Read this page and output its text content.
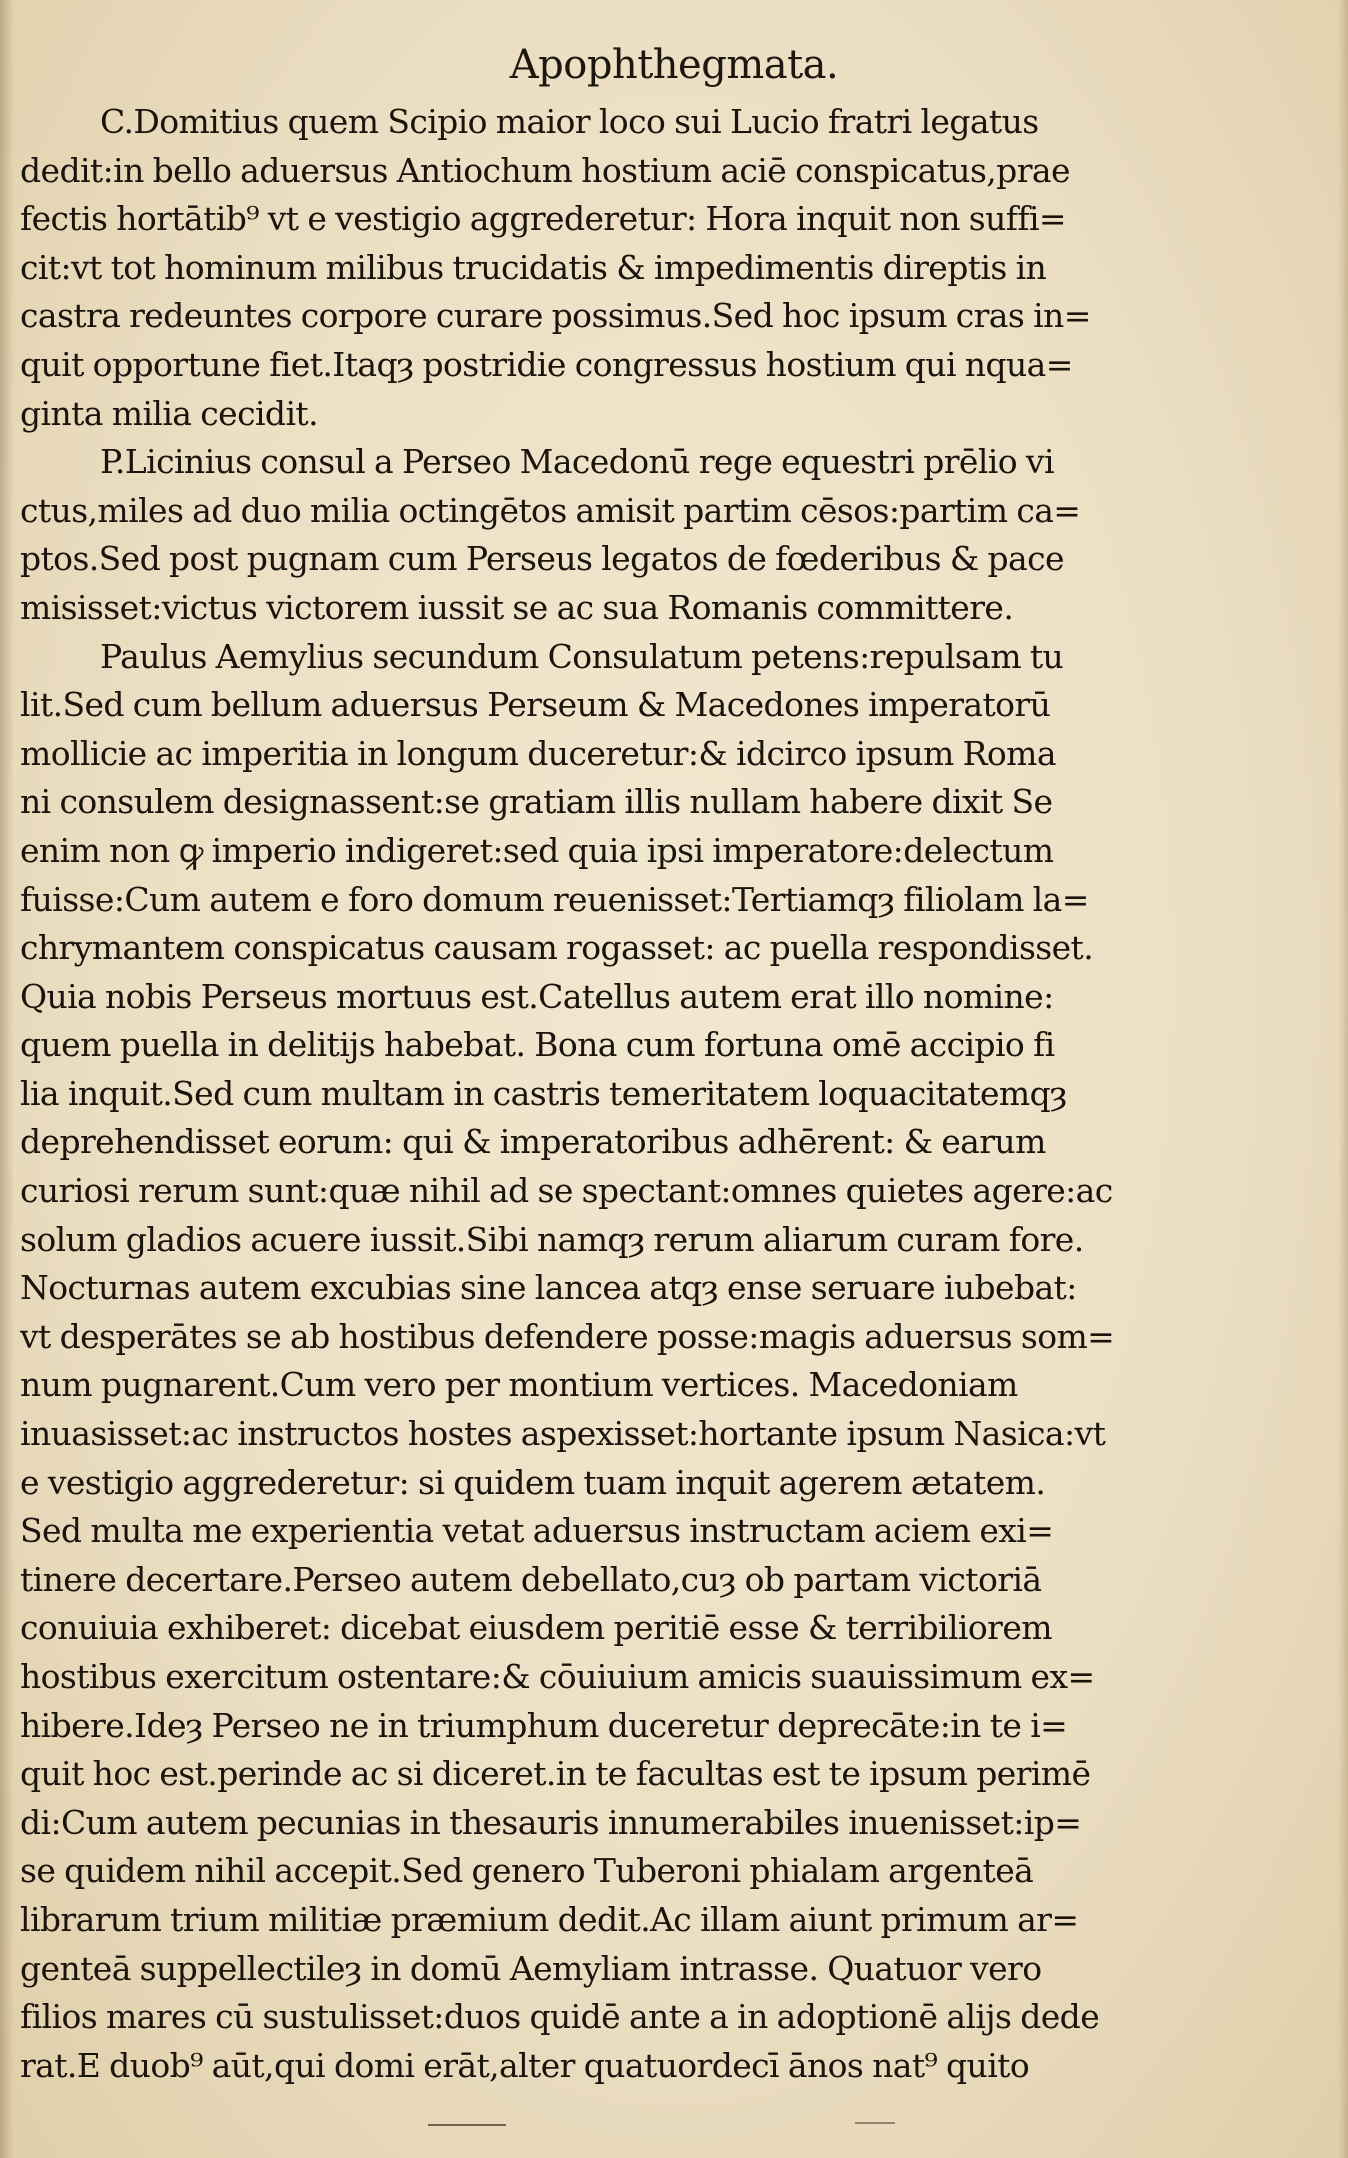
Apophthegmata.
C.Domitius quem Scipio maior loco sui Lucio fratri legatus
dedit:in bello aduersus Antiochum hostium aciē conspicatus,prae
fectis hortātib⁹ vt e vestigio aggrederetur: Hora inquit non suffi=
cit:vt tot hominum milibus trucidatis & impedimentis direptis in
castra redeuntes corpore curare possimus.Sed hoc ipsum cras in=
quit opportune fiet.Itaqȝ postridie congressus hostium qui nqua=
ginta milia cecidit.
P.Licinius consul a Perseo Macedonū rege equestri prēlio vi
ctus,miles ad duo milia octingētos amisit partim cēsos:partim ca=
ptos.Sed post pugnam cum Perseus legatos de fœderibus & pace
misisset:victus victorem iussit se ac sua Romanis committere.
Paulus Aemylius secundum Consulatum petens:repulsam tu
lit.Sed cum bellum aduersus Perseum & Macedones imperatorū
mollicie ac imperitia in longum duceretur:& idcirco ipsum Roma
ni consulem designassent:se gratiam illis nullam habere dixit Se
enim non ꝙ imperio indigeret:sed quia ipsi imperatore:delectum
fuisse:Cum autem e foro domum reuenisset:Tertiamqȝ filiolam la=
chrymantem conspicatus causam rogasset: ac puella respondisset.
Quia nobis Perseus mortuus est.Catellus autem erat illo nomine:
quem puella in delitijs habebat. Bona cum fortuna omē accipio fi
lia inquit.Sed cum multam in castris temeritatem loquacitatemqȝ
deprehendisset eorum: qui & imperatoribus adhērent: & earum
curiosi rerum sunt:quæ nihil ad se spectant:omnes quietes agere:ac
solum gladios acuere iussit.Sibi namqȝ rerum aliarum curam fore.
Nocturnas autem excubias sine lancea atqȝ ense seruare iubebat:
vt desperātes se ab hostibus defendere posse:magis aduersus som=
num pugnarent.Cum vero per montium vertices. Macedoniam
inuasisset:ac instructos hostes aspexisset:hortante ipsum Nasica:vt
e vestigio aggrederetur: si quidem tuam inquit agerem ætatem.
Sed multa me experientia vetat aduersus instructam aciem exi=
tinere decertare.Perseo autem debellato,cuȝ ob partam victoriā
conuiuia exhiberet: dicebat eiusdem peritiē esse & terribiliorem
hostibus exercitum ostentare:& cōuiuium amicis suauissimum ex=
hibere.Ideȝ Perseo ne in triumphum duceretur deprecāte:in te i=
quit hoc est.perinde ac si diceret.in te facultas est te ipsum perimē
di:Cum autem pecunias in thesauris innumerabiles inuenisset:ip=
se quidem nihil accepit.Sed genero Tuberoni phialam argenteā
librarum trium militiæ præmium dedit.Ac illam aiunt primum ar=
genteā suppellectileȝ in domū Aemyliam intrasse. Quatuor vero
filios mares cū sustulisset:duos quidē ante a in adoptionē alijs dede
rat.E duob⁹ aūt,qui domi erāt,alter quatuordecī ānos nat⁹ quito
